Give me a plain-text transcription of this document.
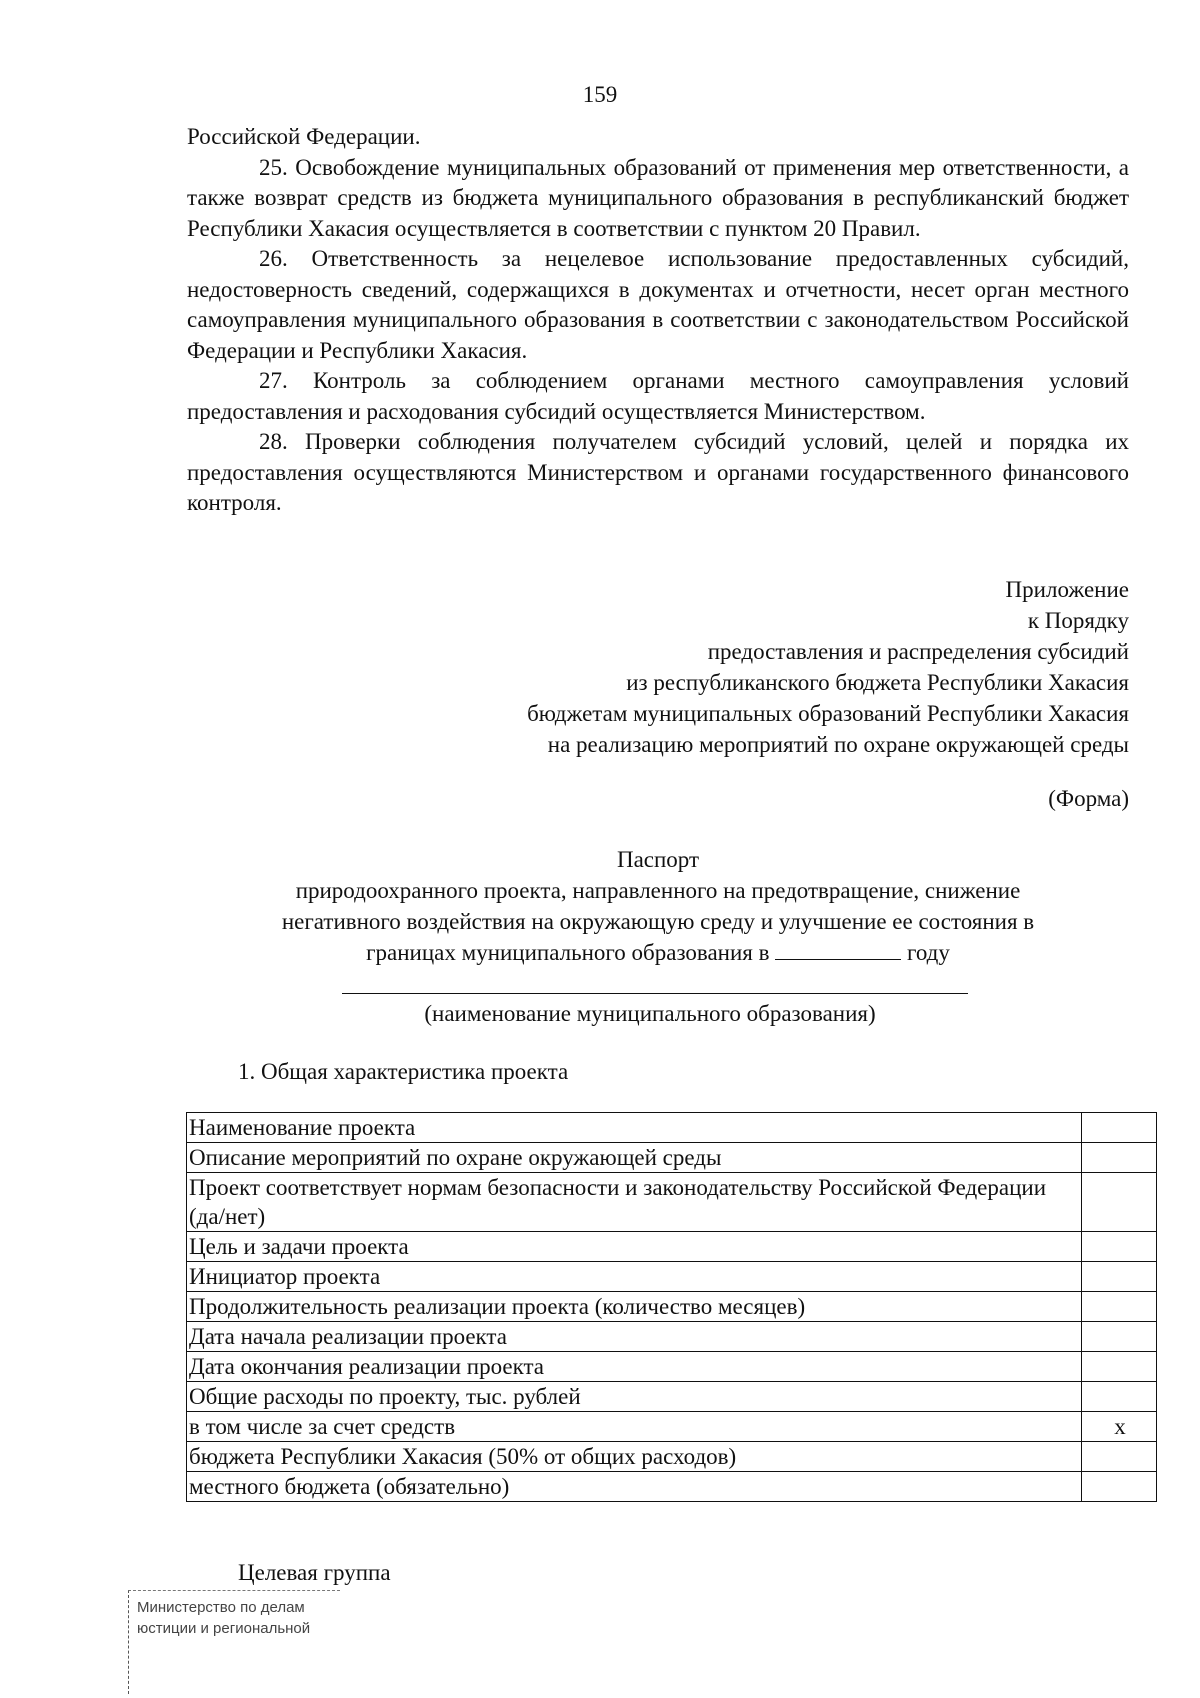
159

Российской Федерации.

25. Освобождение муниципальных образований от применения мер ответственности, а также возврат средств из бюджета муниципального образования в республиканский бюджет Республики Хакасия осуществляется в соответствии с пунктом 20 Правил.

26. Ответственность за нецелевое использование предоставленных субсидий, недостоверность сведений, содержащихся в документах и отчетности, несет орган местного самоуправления муниципального образования в соответствии с законодательством Российской Федерации и Республики Хакасия.

27. Контроль за соблюдением органами местного самоуправления условий предоставления и расходования субсидий осуществляется Министерством.

28. Проверки соблюдения получателем субсидий условий, целей и порядка их предоставления осуществляются Министерством и органами государственного финансового контроля.

Приложение
к Порядку
предоставления и распределения субсидий
из республиканского бюджета Республики Хакасия
бюджетам муниципальных образований Республики Хакасия
на реализацию мероприятий по охране окружающей среды
(Форма)
Паспорт
природоохранного проекта, направленного на предотвращение, снижение
негативного воздействия на окружающую среду и улучшение ее состояния в
границах муниципального образования в	году
(наименование муниципального образования)
1. Общая характеристика проекта
Наименование проекта	
Описание мероприятий по охране окружающей среды	
Проект соответствует нормам безопасности и законодательству Российской Федерации (да/нет)	
Цель и задачи проекта	
Инициатор проекта	
Продолжительность реализации проекта (количество месяцев)	
Дата начала реализации проекта	
Дата окончания реализации проекта	
Общие расходы по проекту, тыс. рублей	
в том числе за счет средств	x
бюджета Республики Хакасия (50% от общих расходов)	
местного бюджета (обязательно)	
Целевая группа
Министерство по делам
юстиции и региональной
